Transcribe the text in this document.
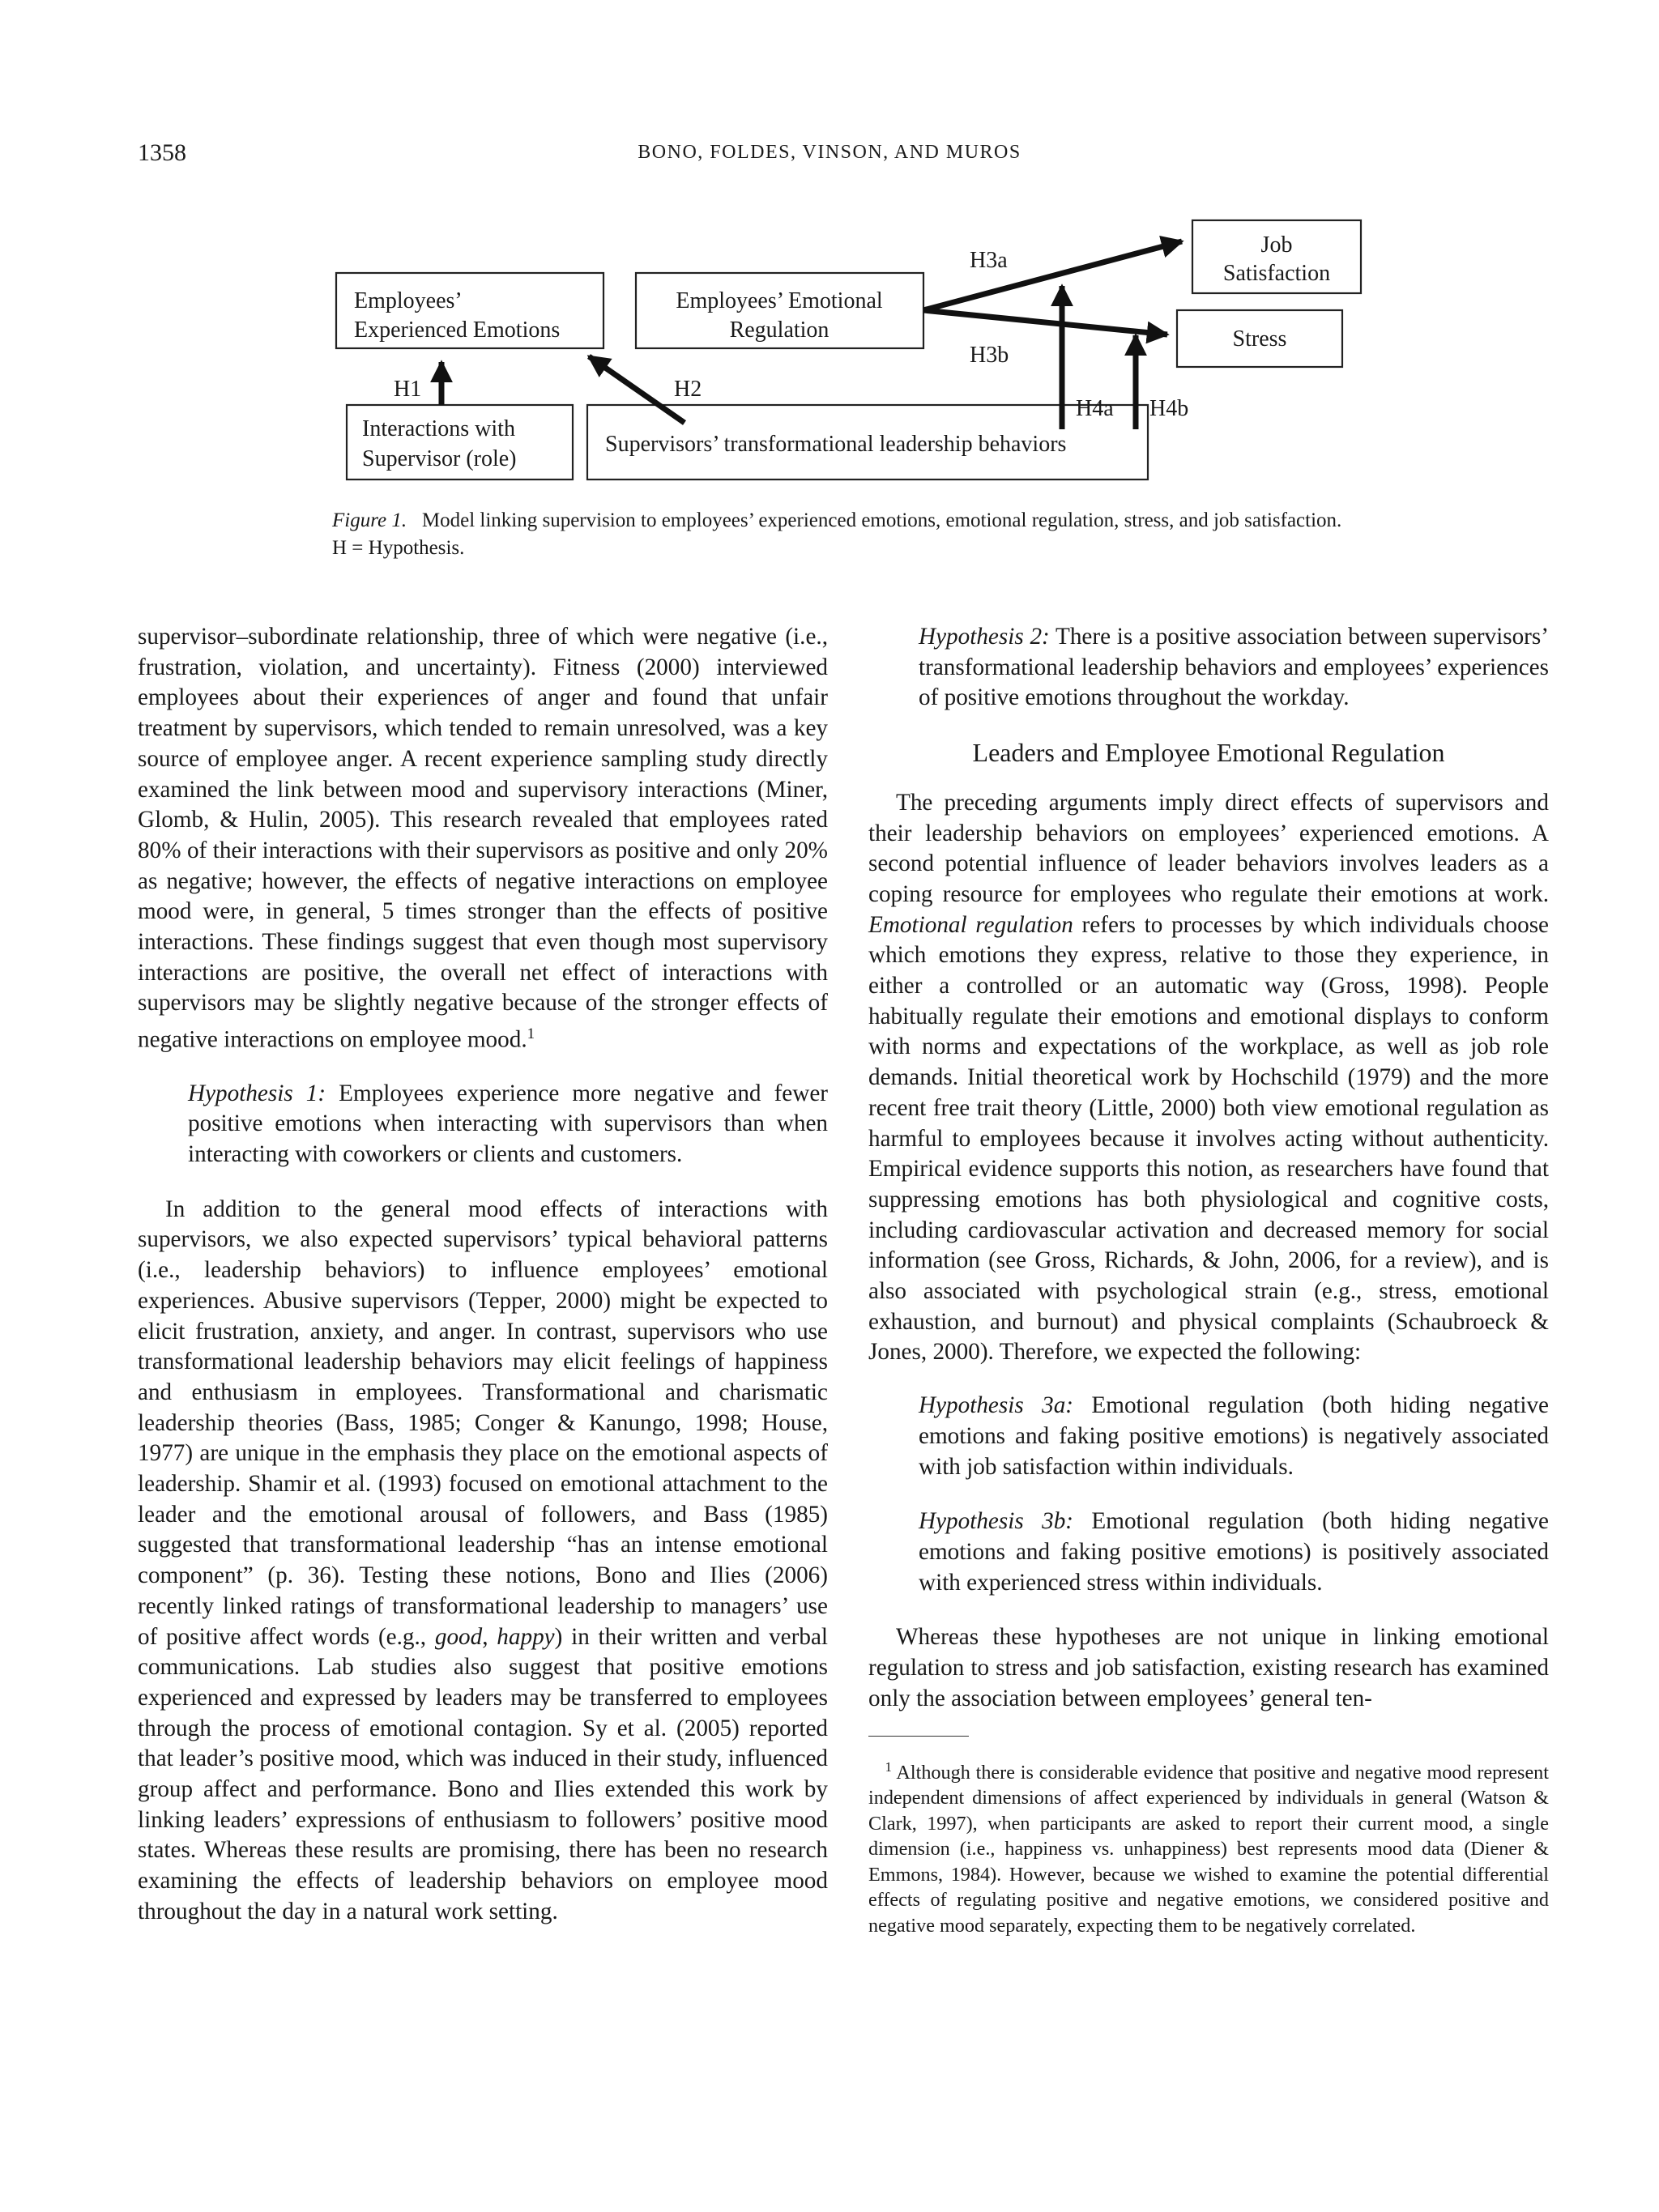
1358	BONO, FOLDES, VINSON, AND MUROS
Employees’
Experienced Emotions
Employees’ Emotional
Regulation
Job
Satisfaction
Stress
Interactions with
Supervisor (role)
Supervisors’ transformational leadership behaviors
H1	H2
H3a
H3b
H4a H4b
Figure 1. Model linking supervision to employees’ experienced emotions, emotional regulation, stress, and job satisfaction. H = Hypothesis.

supervisor–subordinate relationship, three of which were negative (i.e., frustration, violation, and uncertainty). Fitness (2000) interviewed employees about their experiences of anger and found that unfair treatment by supervisors, which tended to remain unresolved, was a key source of employee anger. A recent experience sampling study directly examined the link between mood and supervisory interactions (Miner, Glomb, & Hulin, 2005). This research revealed that employees rated 80% of their interactions with their supervisors as positive and only 20% as negative; however, the effects of negative interactions on employee mood were, in general, 5 times stronger than the effects of positive interactions. These findings suggest that even though most supervisory interactions are positive, the overall net effect of interactions with supervisors may be slightly negative because of the stronger effects of negative interactions on employee mood.$^1$

Hypothesis 1: Employees experience more negative and fewer positive emotions when interacting with supervisors than when interacting with coworkers or clients and customers.

In addition to the general mood effects of interactions with supervisors, we also expected supervisors’ typical behavioral patterns (i.e., leadership behaviors) to influence employees’ emotional experiences. Abusive supervisors (Tepper, 2000) might be expected to elicit frustration, anxiety, and anger. In contrast, supervisors who use transformational leadership behaviors may elicit feelings of happiness and enthusiasm in employees. Transformational and charismatic leadership theories (Bass, 1985; Conger & Kanungo, 1998; House, 1977) are unique in the emphasis they place on the emotional aspects of leadership. Shamir et al. (1993) focused on emotional attachment to the leader and the emotional arousal of followers, and Bass (1985) suggested that transformational leadership “has an intense emotional component” (p. 36). Testing these notions, Bono and Ilies (2006) recently linked ratings of transformational leadership to managers’ use of positive affect words (e.g., good, happy) in their written and verbal communications. Lab studies also suggest that positive emotions experienced and expressed by leaders may be transferred to employees through the process of emotional contagion. Sy et al. (2005) reported that leader’s positive mood, which was induced in their study, influenced group affect and performance. Bono and Ilies extended this work by linking leaders’ expressions of enthusiasm to followers’ positive mood states. Whereas these results are promising, there has been no research examining the effects of leadership behaviors on employee mood throughout the day in a natural work setting.

Hypothesis 2: There is a positive association between supervisors’ transformational leadership behaviors and employees’ experiences of positive emotions throughout the workday.

Leaders and Employee Emotional Regulation

The preceding arguments imply direct effects of supervisors and their leadership behaviors on employees’ experienced emotions. A second potential influence of leader behaviors involves leaders as a coping resource for employees who regulate their emotions at work. Emotional regulation refers to processes by which individuals choose which emotions they express, relative to those they experience, in either a controlled or an automatic way (Gross, 1998). People habitually regulate their emotions and emotional displays to conform with norms and expectations of the workplace, as well as job role demands. Initial theoretical work by Hochschild (1979) and the more recent free trait theory (Little, 2000) both view emotional regulation as harmful to employees because it involves acting without authenticity. Empirical evidence supports this notion, as researchers have found that suppressing emotions has both physiological and cognitive costs, including cardiovascular activation and decreased memory for social information (see Gross, Richards, & John, 2006, for a review), and is also associated with psychological strain (e.g., stress, emotional exhaustion, and burnout) and physical complaints (Schaubroeck & Jones, 2000). Therefore, we expected the following:

Hypothesis 3a: Emotional regulation (both hiding negative emotions and faking positive emotions) is negatively associated with job satisfaction within individuals.

Hypothesis 3b: Emotional regulation (both hiding negative emotions and faking positive emotions) is positively associated with experienced stress within individuals.

Whereas these hypotheses are not unique in linking emotional regulation to stress and job satisfaction, existing research has examined only the association between employees’ general ten-

$^1$ Although there is considerable evidence that positive and negative mood represent independent dimensions of affect experienced by individuals in general (Watson & Clark, 1997), when participants are asked to report their current mood, a single dimension (i.e., happiness vs. unhappiness) best represents mood data (Diener & Emmons, 1984). However, because we wished to examine the potential differential effects of regulating positive and negative emotions, we considered positive and negative mood separately, expecting them to be negatively correlated.
